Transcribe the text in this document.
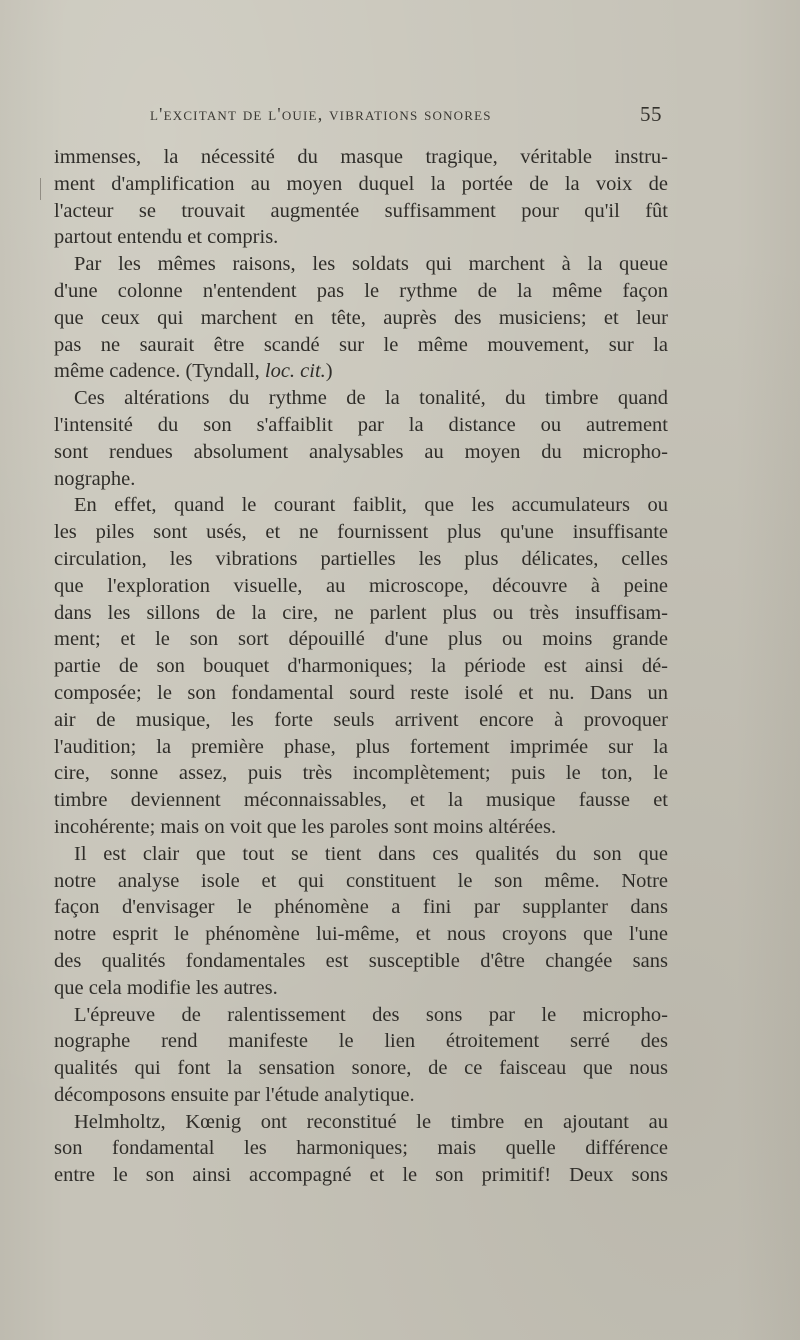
l'excitant de l'ouie, vibrations sonores	55
immenses, la nécessité du masque tragique, véritable instru-
ment d'amplification au moyen duquel la portée de la voix de
l'acteur se trouvait augmentée suffisamment pour qu'il fût
partout entendu et compris.
Par les mêmes raisons, les soldats qui marchent à la queue
d'une colonne n'entendent pas le rythme de la même façon
que ceux qui marchent en tête, auprès des musiciens; et leur
pas ne saurait être scandé sur le même mouvement, sur la
même cadence. (Tyndall, loc. cit.)
Ces altérations du rythme de la tonalité, du timbre quand
l'intensité du son s'affaiblit par la distance ou autrement
sont rendues absolument analysables au moyen du micropho-
nographe.
En effet, quand le courant faiblit, que les accumulateurs ou
les piles sont usés, et ne fournissent plus qu'une insuffisante
circulation, les vibrations partielles les plus délicates, celles
que l'exploration visuelle, au microscope, découvre à peine
dans les sillons de la cire, ne parlent plus ou très insuffisam-
ment; et le son sort dépouillé d'une plus ou moins grande
partie de son bouquet d'harmoniques; la période est ainsi dé-
composée; le son fondamental sourd reste isolé et nu. Dans un
air de musique, les forte seuls arrivent encore à provoquer
l'audition; la première phase, plus fortement imprimée sur la
cire, sonne assez, puis très incomplètement; puis le ton, le
timbre deviennent méconnaissables, et la musique fausse et
incohérente; mais on voit que les paroles sont moins altérées.
Il est clair que tout se tient dans ces qualités du son que
notre analyse isole et qui constituent le son même. Notre
façon d'envisager le phénomène a fini par supplanter dans
notre esprit le phénomène lui-même, et nous croyons que l'une
des qualités fondamentales est susceptible d'être changée sans
que cela modifie les autres.
L'épreuve de ralentissement des sons par le micropho-
nographe rend manifeste le lien étroitement serré des
qualités qui font la sensation sonore, de ce faisceau que nous
décomposons ensuite par l'étude analytique.
Helmholtz, Kœnig ont reconstitué le timbre en ajoutant au
son fondamental les harmoniques; mais quelle différence
entre le son ainsi accompagné et le son primitif! Deux sons
